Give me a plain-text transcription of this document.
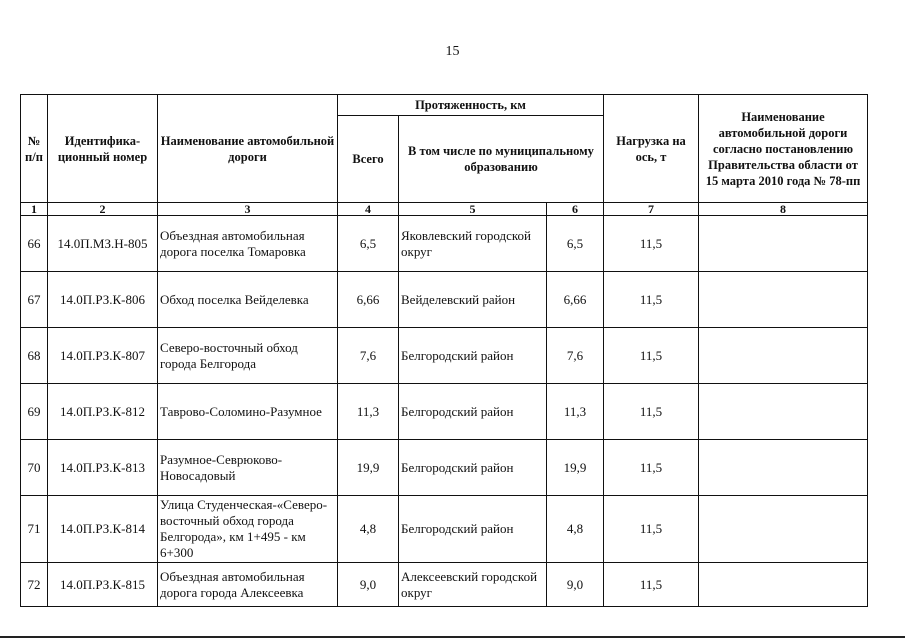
15
№ п/п	Идентифика-ционный номер	Наименование автомобильной дороги	Протяженность, км			Нагрузка на ось, т	Наименование автомобильной дороги согласно постановлению Правительства области от 15 марта 2010 года № 78-пп
			Всего	В том числе по муниципальному образованию			
1	2	3	4	5	6	7	8
66	14.0П.МЗ.Н-805	Объездная автомобильная дорога поселка Томаровка	6,5	Яковлевский городской округ	6,5	11,5	
67	14.0П.РЗ.К-806	Обход поселка Вейделевка	6,66	Вейделевский район	6,66	11,5	
68	14.0П.РЗ.К-807	Северо-восточный обход города Белгорода	7,6	Белгородский район	7,6	11,5	
69	14.0П.РЗ.К-812	Таврово-Соломино-Разумное	11,3	Белгородский район	11,3	11,5	
70	14.0П.РЗ.К-813	Разумное-Севрюково-Новосадовый	19,9	Белгородский район	19,9	11,5	
71	14.0П.РЗ.К-814	Улица Студенческая-«Северо-восточный обход города Белгорода», км 1+495 - км 6+300	4,8	Белгородский район	4,8	11,5	
72	14.0П.РЗ.К-815	Объездная автомобильная дорога города Алексеевка	9,0	Алексеевский городской округ	9,0	11,5	
